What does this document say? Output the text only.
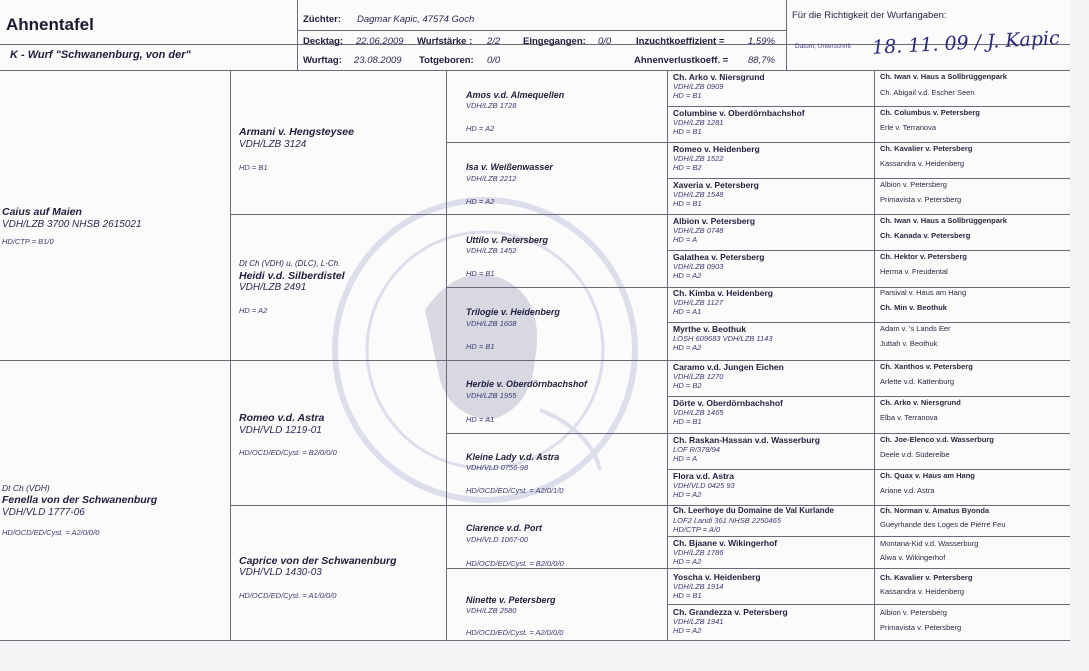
Ahnentafel
K - Wurf "Schwanenburg, von der"
Züchter: Dagmar Kapic, 47574 Goch
Decktag: 22.06.2009 Wurfstärke : 2/2 Eingegangen: 0/0	Inzuchtkoeffizient = 1,59%
Wurftag: 23.08.2009 Totgeboren: 0/0	Ahnenverlustkoeff. = 88,7%
Für die Richtigkeit der Wurfangaben:
Datum, Unterschrift 18. 11. 09 / J. Kapic
Caius auf Maien
VDH/LZB 3700 NHSB 2615021
HD/CTP = B1/0
Dt Ch (VDH)
Fenella von der Schwanenburg
VDH/VLD 1777-06
HD/OCD/ED/Cyst. = A2/0/0/0
Armani v. Hengsteysee
VDH/LZB 3124
HD = B1
Dt Ch (VDH) u. (DLC), L-Ch.
Heidi v.d. Silberdistel
VDH/LZB 2491
HD = A2
Romeo v.d. Astra
VDH/VLD 1219-01
HD/OCD/ED/Cyst. = B2/0/0/0
Caprice von der Schwanenburg
VDH/VLD 1430-03
HD/OCD/ED/Cyst. = A1/0/0/0
Amos v.d. Almequellen
VDH/LZB 1728
HD = A2
Isa v. Weißenwasser
VDH/LZB 2212
HD = A2
Uttilo v. Petersberg
VDH/LZB 1452
HD = B1
Trilogie v. Heidenberg
VDH/LZB 1608
HD = B1
Herbie v. Oberdörnbachshof
VDH/LZB 1955
HD = A1
Kleine Lady v.d. Astra
VDH/VLD 0756-98
HD/OCD/ED/Cyst. = A2/0/1/0
Clarence v.d. Port
VDH/VLD 1067-00
HD/OCD/ED/Cyst. = B2/0/0/0
Ninette v. Petersberg
VDH/LZB 2580
HD/OCD/ED/Cyst. = A2/0/0/0
Ch. Arko v. Niersgrund
VDH/LZB 0909
HD = B1
Columbine v. Oberdörnbachshof
VDH/LZB 1281
HD = B1
Romeo v. Heidenberg
VDH/LZB 1522
HD = B2
Xaveria v. Petersberg
VDH/LZB 1548
HD = B1
Albion v. Petersberg
VDH/LZB 0748
HD = A
Galathea v. Petersberg
VDH/LZB 0903
HD = A2
Ch. Kimba v. Heidenberg
VDH/LZB 1127
HD = A1
Myrthe v. Beothuk
LOSH 609683 VDH/LZB 1143
HD = A2
Caramo v.d. Jungen Eichen
VDH/LZB 1270
HD = B2
Dörte v. Oberdörnbachshof
VDH/LZB 1465
HD = B1
Ch. Raskan-Hassan v.d. Wasserburg
LOF R/378/94
HD = A
Flora v.d. Astra
VDH/VLD 0425 93
HD = A2
Ch. Leerhoye du Domaine de Val Kurlande
LOF2 Landi 361 NHSB 2250465
HD/CTP = A/0
Ch. Bjaane v. Wikingerhof
VDH/LZB 1786
HD = A2
Yoscha v. Heidenberg
VDH/LZB 1914
HD = B1
Ch. Grandezza v. Petersberg
VDH/LZB 1941
HD = A2
Ch. Iwan v. Haus a Sollbrüggenpark
Ch. Abigail v.d. Escher Seen
Ch. Columbus v. Petersberg
Erle v. Terranova
Ch. Kavalier v. Petersberg
Kassandra v. Heidenberg
Albion v. Petersberg
Primavista v. Petersberg
Ch. Iwan v. Haus a Sollbrüggenpark
Ch. Kanada v. Petersberg
Ch. Hektor v. Petersberg
Herma v. Freudental
Parsival v. Haus am Hang
Ch. Min v. Beothuk
Adam v. 's Lands Eer
Juttah v. Beothuk
Ch. Xanthos v. Petersberg
Arlette v.d. Kattenburg
Ch. Arko v. Niersgrund
Elba v. Terranova
Ch. Joe-Elenco v.d. Wasserburg
Deele v.d. Südereibe
Ch. Quax v. Haus am Hang
Ariane v.d. Astra
Ch. Norman v. Amatus Byonda
Gueyrhande des Loges de Pierre Feu
Montana-Kid v.d. Wasserburg
Alwa v. Wikingerhof
Ch. Kavalier v. Petersberg
Kassandra v. Heidenberg
Albion v. Petersberg
Primavista v. Petersberg
